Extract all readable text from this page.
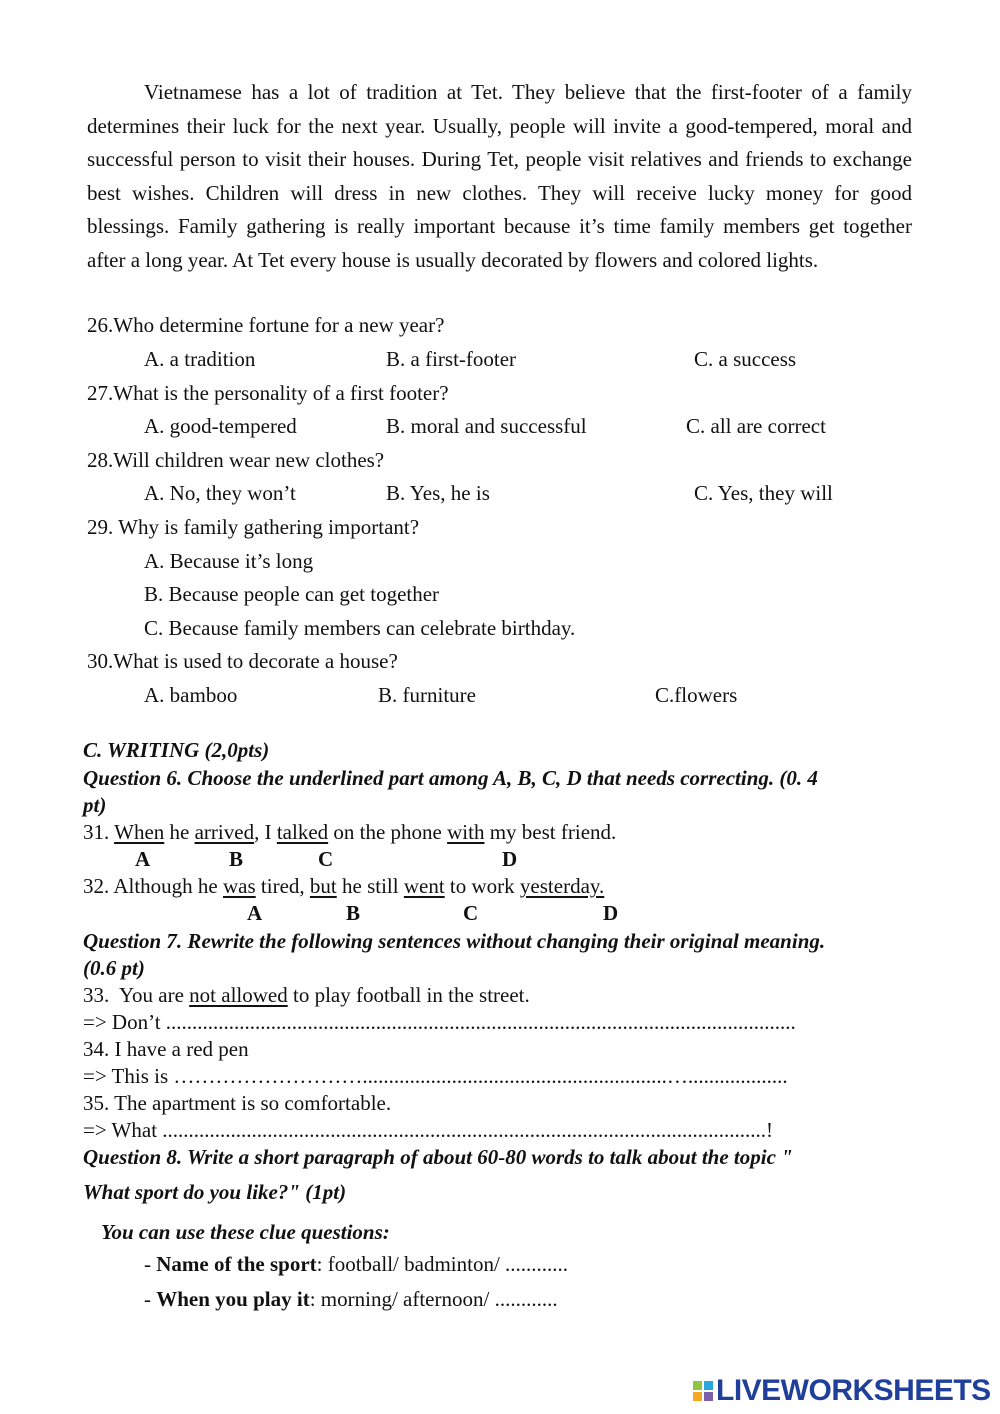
Vietnamese has a lot of tradition at Tet. They believe that the first-footer of a family determines their luck for the next year. Usually, people will invite a good-tempered, moral and successful person to visit their houses. During Tet, people visit relatives and friends to exchange best wishes. Children will dress in new clothes. They will receive lucky money for good blessings. Family gathering is really important because it’s time family members get together after a long year. At Tet every house is usually decorated by flowers and colored lights.
26.Who determine fortune for a new year?
A. a tradition	B. a first-footer	C. a success
27.What is the personality of a first footer?
A. good-tempered	B. moral and successful	C. all are correct
28.Will children wear new clothes?
A. No, they won’t	B. Yes, he is	C. Yes, they will
29. Why is family gathering important?
A. Because it’s long
B. Because people can get together
C. Because family members can celebrate birthday.
30.What is used to decorate a house?
A. bamboo	B. furniture	C.flowers
C. WRITING (2,0pts)
Question 6. Choose the underlined part among A, B, C, D that needs correcting. (0. 4
pt)
31. When he arrived, I talked on the phone with my best friend.
A	B	C	D
32. Although he was tired, but he still went to work yesterday.
A	B	C	D
Question 7. Rewrite the following sentences without changing their original meaning.
(0.6 pt)
33.  You are not allowed to play football in the street.
=> Don’t ........................................................................................................................
34. I have a red pen
=> This is ………………………..........................................................…...................
35. The apartment is so comfortable.
=> What ...................................................................................................................!
Question 8. Write a short paragraph of about 60-80 words to talk about the topic "
What sport do you like?" (1pt)
You can use these clue questions:
- Name of the sport: football/ badminton/ ............
- When you play it: morning/ afternoon/ ............
LIVEWORKSHEETS
